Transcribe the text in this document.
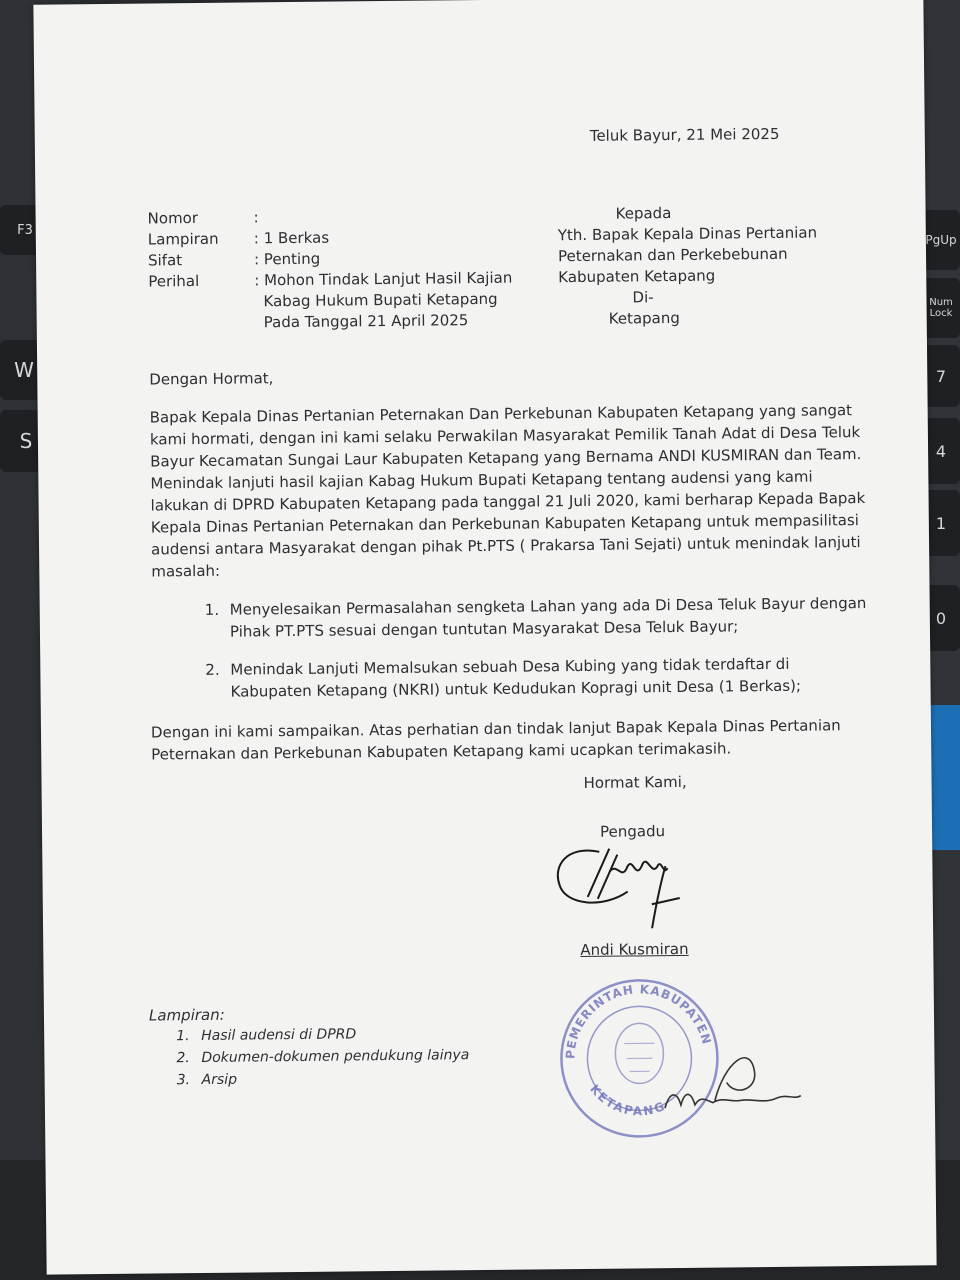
F3
W
S
PgUp
Num Lock
7
4
1
0
Teluk Bayur, 21 Mei 2025
Nomor	:
Lampiran : 1 Berkas
Sifat	: Penting
Perihal	: Mohon Tindak Lanjut Hasil Kajian
Kabag Hukum Bupati Ketapang
Pada Tanggal 21 April 2025
Kepada
Yth. Bapak Kepala Dinas Pertanian
Peternakan dan Perkebebunan
Kabupaten Ketapang
Di-
Ketapang
Dengan Hormat,
Bapak Kepala Dinas Pertanian Peternakan Dan Perkebunan Kabupaten Ketapang yang sangat
kami hormati, dengan ini kami selaku Perwakilan Masyarakat Pemilik Tanah Adat di Desa Teluk
Bayur Kecamatan Sungai Laur Kabupaten Ketapang yang Bernama ANDI KUSMIRAN dan Team.
Menindak lanjuti hasil kajian Kabag Hukum Bupati Ketapang tentang audensi yang kami
lakukan di DPRD Kabupaten Ketapang pada tanggal 21 Juli 2020, kami berharap Kepada Bapak
Kepala Dinas Pertanian Peternakan dan Perkebunan Kabupaten Ketapang untuk mempasilitasi
audensi antara Masyarakat dengan pihak Pt.PTS ( Prakarsa Tani Sejati) untuk menindak lanjuti
masalah:
1. Menyelesaikan Permasalahan sengketa Lahan yang ada Di Desa Teluk Bayur dengan
Pihak PT.PTS sesuai dengan tuntutan Masyarakat Desa Teluk Bayur;
2. Menindak Lanjuti Memalsukan sebuah Desa Kubing yang tidak terdaftar di
Kabupaten Ketapang (NKRI) untuk Kedudukan Kopragi unit Desa (1 Berkas);
Dengan ini kami sampaikan. Atas perhatian dan tindak lanjut Bapak Kepala Dinas Pertanian
Peternakan dan Perkebunan Kabupaten Ketapang kami ucapkan terimakasih.
Hormat Kami,
Pengadu
Andi Kusmiran
Lampiran:
1. Hasil audensi di DPRD
2. Dokumen-dokumen pendukung lainya
3. Arsip
PEMERINTAH KABUPATEN
KETAPANG
